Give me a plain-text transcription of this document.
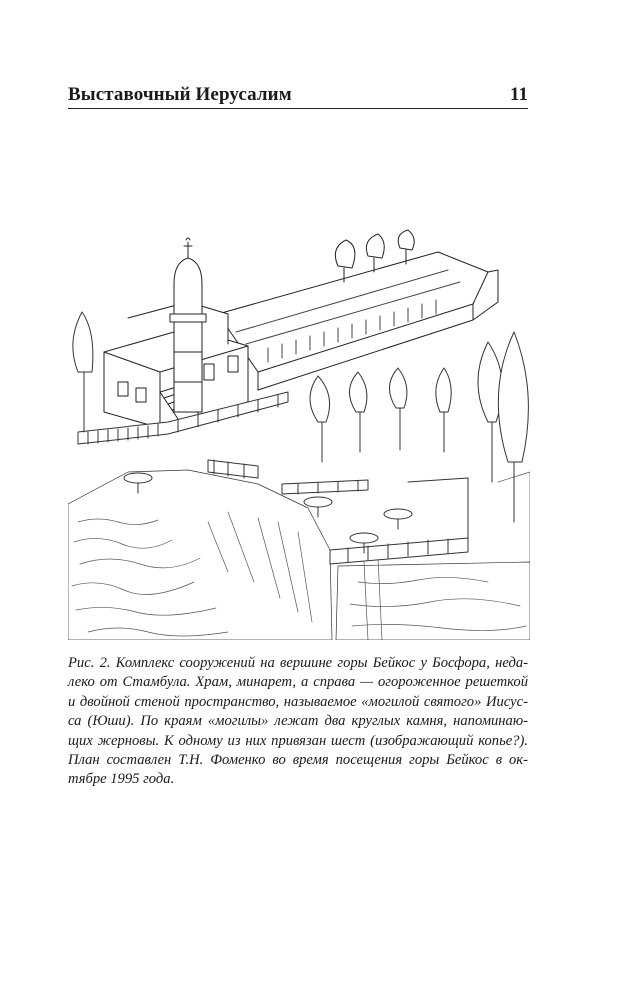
Выставочный Иерусалим	11
Рис. 2. Комплекс сооружений на вершине горы Бейкос у Босфора, неда-
леко от Стамбула. Храм, минарет, а справа — огороженное решеткой
и двойной стеной пространство, называемое «могилой святого» Иисус-
са (Юши). По краям «могилы» лежат два круглых камня, напоминаю-
щих жерновы. К одному из них привязан шест (изображающий копье?).
План составлен Т.Н. Фоменко во время посещения горы Бейкос в ок-
тябре 1995 года.
